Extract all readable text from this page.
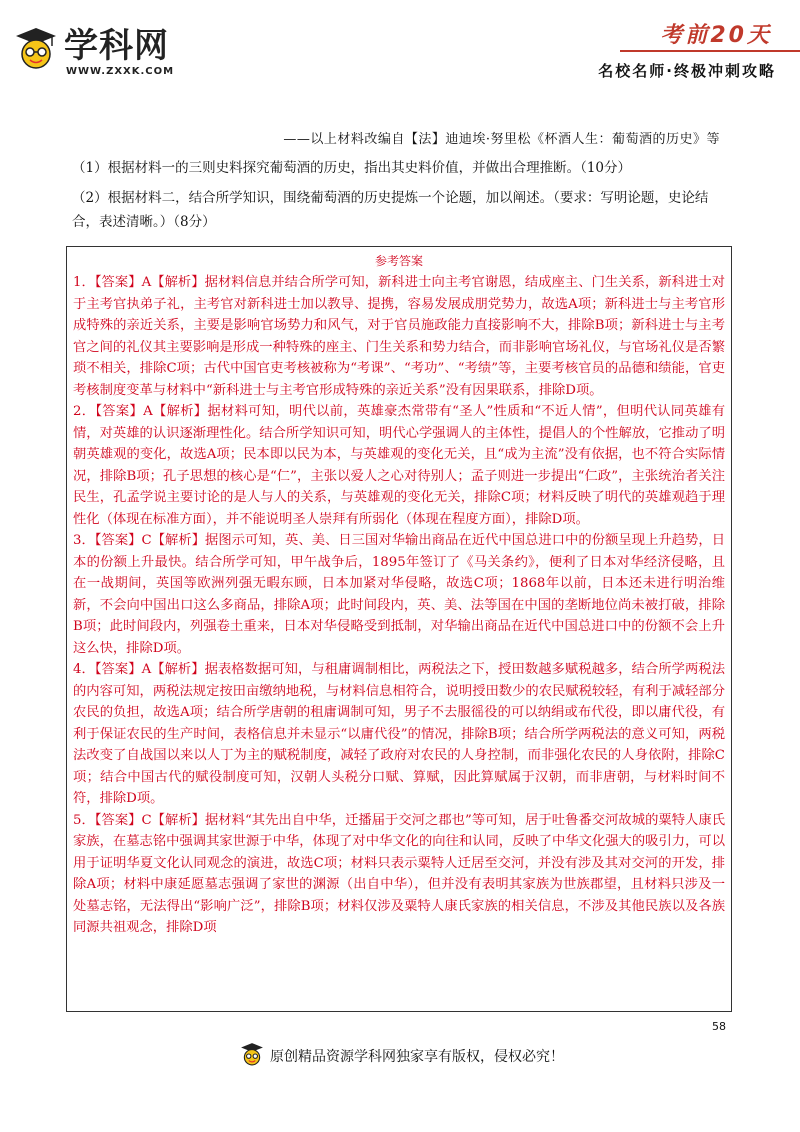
学科网
WWW.ZXXK.COM
考前20天
名校名师·终极冲刺攻略
——以上材料改编自【法】迪迪埃·努里松《杯酒人生：葡萄酒的历史》等
（1）根据材料一的三则史料探究葡萄酒的历史，指出其史料价值，并做出合理推断。（10分）
（2）根据材料二，结合所学知识，围绕葡萄酒的历史提炼一个论题，加以阐述。（要求：写明论题，史论结合，表述清晰。）（8分）
参考答案

1．【答案】A【解析】据材料信息并结合所学可知，新科进士向主考官谢恩，结成座主、门生关系，新科进士对于主考官执弟子礼，主考官对新科进士加以教导、提携，容易发展成朋党势力，故选A项；新科进士与主考官形成特殊的亲近关系，主要是影响官场势力和风气，对于官员施政能力直接影响不大，排除B项；新科进士与主考官之间的礼仪其主要影响是形成一种特殊的座主、门生关系和势力结合，而非影响官场礼仪，与官场礼仪是否繁琐不相关，排除C项；古代中国官吏考核被称为“考课”、“考功”、“考绩”等，主要考核官员的品德和绩能，官吏考核制度变革与材料中“新科进士与主考官形成特殊的亲近关系”没有因果联系，排除D项。

2．【答案】A【解析】据材料可知，明代以前，英雄豪杰常带有“圣人”性质和“不近人情”，但明代认同英雄有情，对英雄的认识逐渐理性化。结合所学知识可知，明代心学强调人的主体性，提倡人的个性解放，它推动了明朝英雄观的变化，故选A项；民本即以民为本，与英雄观的变化无关，且“成为主流”没有依据，也不符合实际情况，排除B项；孔子思想的核心是“仁”，主张以爱人之心对待别人；孟子则进一步提出“仁政”，主张统治者关注民生，孔孟学说主要讨论的是人与人的关系，与英雄观的变化无关，排除C项；材料反映了明代的英雄观趋于理性化（体现在标准方面），并不能说明圣人崇拜有所弱化（体现在程度方面），排除D项。

3．【答案】C【解析】据图示可知，英、美、日三国对华输出商品在近代中国总进口中的份额呈现上升趋势，日本的份额上升最快。结合所学可知，甲午战争后，1895年签订了《马关条约》，便利了日本对华经济侵略，且在一战期间，英国等欧洲列强无暇东顾，日本加紧对华侵略，故选C项；1868年以前，日本还未进行明治维新，不会向中国出口这么多商品，排除A项；此时间段内，英、美、法等国在中国的垄断地位尚未被打破，排除B项；此时间段内，列强卷土重来，日本对华侵略受到抵制，对华输出商品在近代中国总进口中的份额不会上升这么快，排除D项。

4．【答案】A【解析】据表格数据可知，与租庸调制相比，两税法之下，授田数越多赋税越多，结合所学两税法的内容可知，两税法规定按田亩缴纳地税，与材料信息相符合，说明授田数少的农民赋税较轻，有利于减轻部分农民的负担，故选A项；结合所学唐朝的租庸调制可知，男子不去服徭役的可以纳绢或布代役，即以庸代役，有利于保证农民的生产时间，表格信息并未显示“以庸代役”的情况，排除B项；结合所学两税法的意义可知，两税法改变了自战国以来以人丁为主的赋税制度，减轻了政府对农民的人身控制，而非强化农民的人身依附，排除C项；结合中国古代的赋役制度可知，汉朝人头税分口赋、算赋，因此算赋属于汉朝，而非唐朝，与材料时间不符，排除D项。

5．【答案】C【解析】据材料“其先出自中华，迁播届于交河之郡也”等可知，居于吐鲁番交河故城的粟特人康氏家族，在墓志铭中强调其家世源于中华，体现了对中华文化的向往和认同，反映了中华文化强大的吸引力，可以用于证明华夏文化认同观念的演进，故选C项；材料只表示粟特人迁居至交河，并没有涉及其对交河的开发，排除A项；材料中康延愿墓志强调了家世的渊源（出自中华），但并没有表明其家族为世族郡望，且材料只涉及一处墓志铭，无法得出“影响广泛”，排除B项；材料仅涉及粟特人康氏家族的相关信息，不涉及其他民族以及各族同源共祖观念，排除D项

58
原创精品资源学科网独家享有版权，侵权必究！
